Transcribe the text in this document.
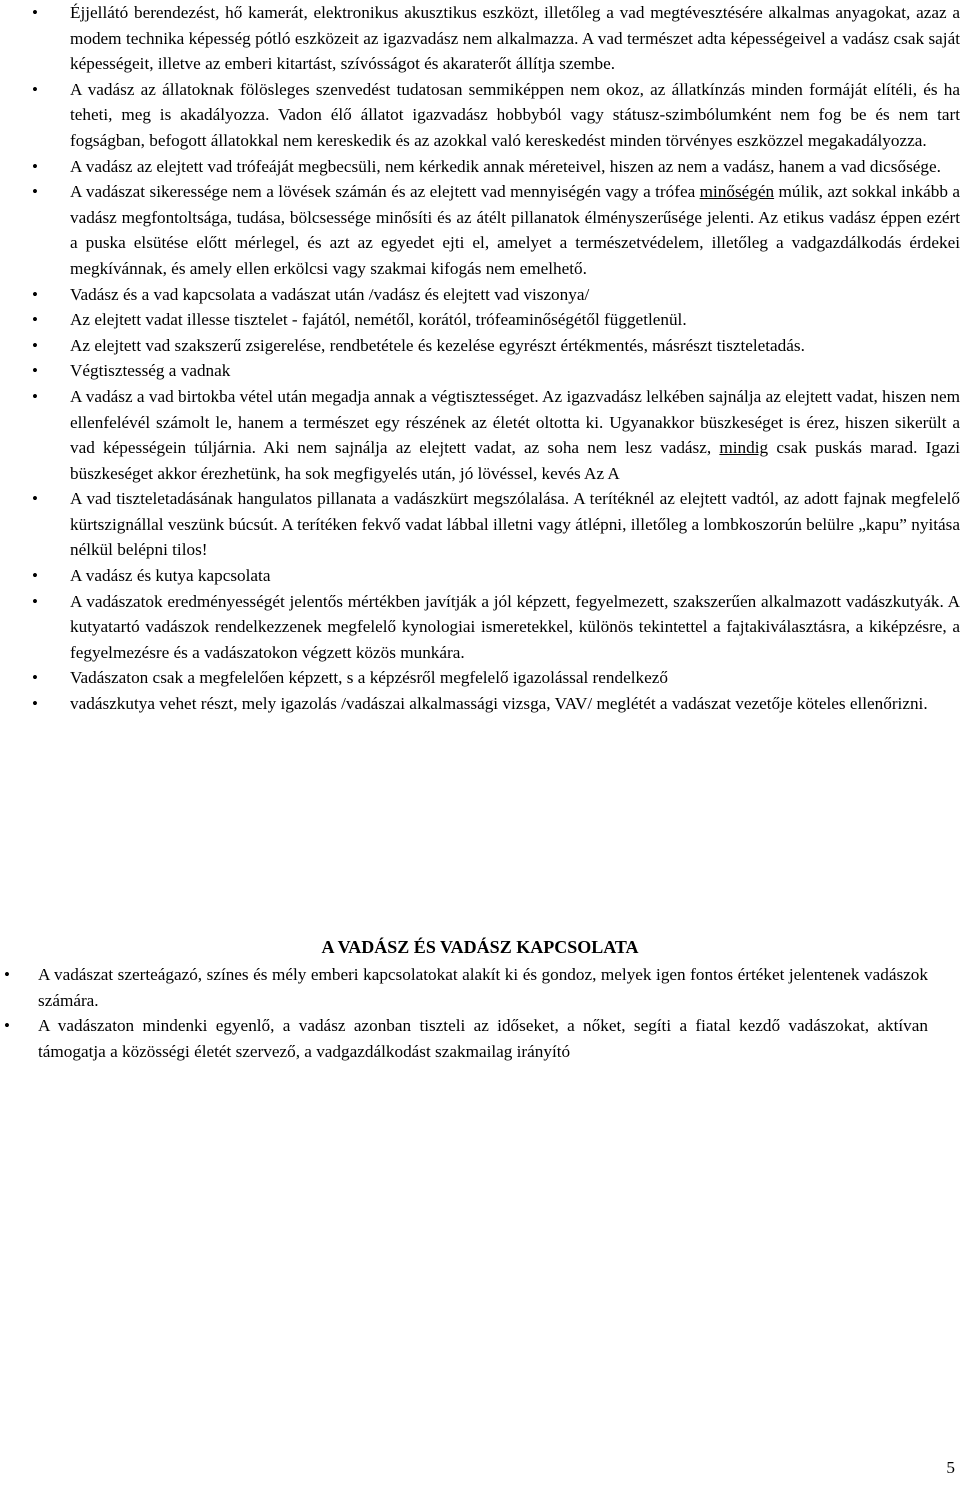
• Éjjellátó berendezést, hő kamerát, elektronikus akusztikus eszközt, illetőleg a vad megtévesztésére alkalmas anyagokat, azaz a modem technika képesség pótló eszközeit az igazvadász nem alkalmazza. A vad természet adta képességeivel a vadász csak saját képességeit, illetve az emberi kitartást, szívósságot és akaraterőt állítja szembe.
• A vadász az állatoknak fölösleges szenvedést tudatosan semmiképpen nem okoz, az állatkínzás minden formáját elítéli, és ha teheti, meg is akadályozza. Vadon élő állatot igazvadász hobbyból vagy státusz-szimbólumként nem fog be és nem tart fogságban, befogott állatokkal nem kereskedik és az azokkal való kereskedést minden törvényes eszközzel megakadályozza.
• A vadász az elejtett vad trófeáját megbecsüli, nem kérkedik annak méreteivel, hiszen az nem a vadász, hanem a vad dicsősége.
• A vadászat sikeressége nem a lövések számán és az elejtett vad mennyiségén vagy a trófea minőségén múlik, azt sokkal inkább a vadász megfontoltsága, tudása, bölcsessége minősíti és az átélt pillanatok élményszerűsége jelenti. Az etikus vadász éppen ezért a puska elsütése előtt mérlegel, és azt az egyedet ejti el, amelyet a természetvédelem, illetőleg a vadgazdálkodás érdekei megkívánnak, és amely ellen erkölcsi vagy szakmai kifogás nem emelhető.
• Vadász és a vad kapcsolata a vadászat után /vadász és elejtett vad viszonya/
• Az elejtett vadat illesse tisztelet - fajától, nemétől, korától, trófeaminőségétől függetlenül.
• Az elejtett vad szakszerű zsigerelése, rendbetétele és kezelése egyrészt értékmentés, másrészt tiszteletadás.
• Végtisztesség a vadnak
• A vadász a vad birtokba vétel után megadja annak a végtisztességet. Az igazvadász lelkében sajnálja az elejtett vadat, hiszen nem ellenfelévél számolt le, hanem a természet egy részének az életét oltotta ki. Ugyanakkor büszkeséget is érez, hiszen sikerült a vad képességein túljárnia. Aki nem sajnálja az elejtett vadat, az soha nem lesz vadász, mindig csak puskás marad. Igazi büszkeséget akkor érezhetünk, ha sok megfigyelés után, jó lövéssel, kevés Az A
• A vad tiszteletadásának hangulatos pillanata a vadászkürt megszólalása. A terítéknél az elejtett vadtól, az adott fajnak megfelelő kürtszignállal veszünk búcsút. A terítéken fekvő vadat lábbal illetni vagy átlépni, illetőleg a lombkoszorún belülre „kapu” nyitása nélkül belépni tilos!
• A vadász és kutya kapcsolata
• A vadászatok eredményességét jelentős mértékben javítják a jól képzett, fegyelmezett, szakszerűen alkalmazott vadászkutyák. A kutyatartó vadászok rendelkezzenek megfelelő kynologiai ismeretekkel, különös tekintettel a fajtakiválasztásra, a kiképzésre, a fegyelmezésre és a vadászatokon végzett közös munkára.
• Vadászaton csak a megfelelően képzett, s a képzésről megfelelő igazolással rendelkező
• vadászkutya vehet részt, mely igazolás /vadászai alkalmassági vizsga, VAV/ meglétét a vadászat vezetője köteles ellenőrizni.
A VADÁSZ ÉS VADÁSZ KAPCSOLATA
• A vadászat szerteágazó, színes és mély emberi kapcsolatokat alakít ki és gondoz, melyek igen fontos értéket jelentenek vadászok számára.
• A vadászaton mindenki egyenlő, a vadász azonban tiszteli az időseket, a nőket, segíti a fiatal kezdő vadászokat, aktívan támogatja a közösségi életét szervező, a vadgazdálkodást szakmailag irányító
5
